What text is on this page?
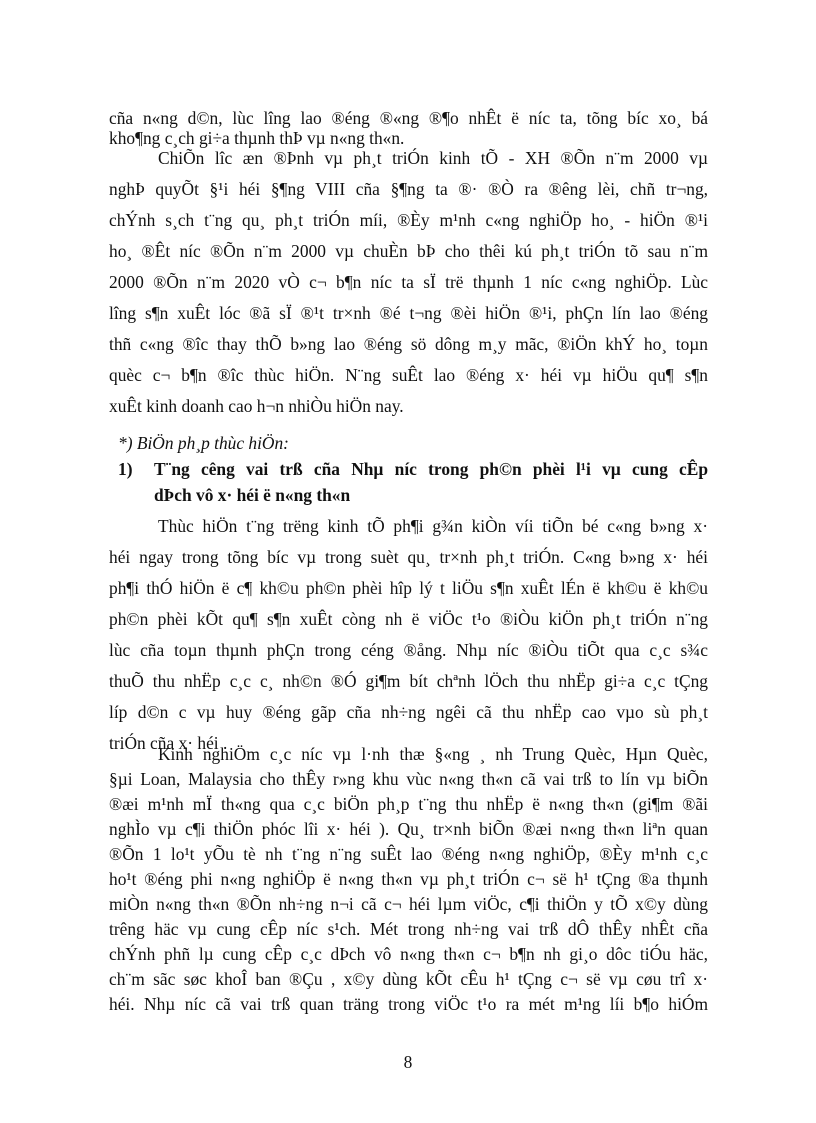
cña n«ng d©n, lùc lîng lao ®éng ®«ng ®¶o nhÊt ë níc ta, tõng bíc xo¸ bá
kho¶ng c¸ch gi÷a thµnh thÞ vµ n«ng th«n.
ChiÕn lîc æn ®Þnh vµ ph¸t triÓn kinh tÕ - XH ®Õn n¨m 2000 vµ
nghÞ quyÕt §¹i héi §¶ng VIII cña §¶ng ta ®· ®Ò ra ®êng lèi, chñ tr¬ng,
chÝnh s¸ch t¨ng qu¸ ph¸t triÓn míi, ®Èy m¹nh c«ng nghiÖp ho¸ - hiÖn ®¹i
ho¸ ®Êt níc ®Õn n¨m 2000 vµ chuÈn bÞ cho thêi kú ph¸t triÓn tõ sau n¨m
2000 ®Õn n¨m 2020 vÒ c¬ b¶n níc ta sÏ trë thµnh 1 níc c«ng nghiÖp. Lùc
lîng s¶n xuÊt lóc ®ã sÏ ®¹t tr×nh ®é t¬ng ®èi hiÖn ®¹i, phÇn lín lao ®éng
thñ c«ng ®îc thay thÕ b»ng lao ®éng sö dông m¸y mãc, ®iÖn khÝ ho¸ toµn
quèc c¬ b¶n ®îc thùc hiÖn. N¨ng suÊt lao ®éng x· héi vµ hiÖu qu¶ s¶n
xuÊt kinh doanh cao h¬n nhiÒu hiÖn nay.
*) BiÖn ph¸p thùc hiÖn:
1)	T¨ng cêng vai trß cña Nhµ níc trong ph©n phèi l¹i vµ cung cÊp
dÞch vô x· héi ë n«ng th«n
Thùc hiÖn t¨ng trëng kinh tÕ ph¶i g¾n kiÒn víi tiÕn bé c«ng b»ng x·
héi ngay trong tõng bíc vµ trong suèt qu¸ tr×nh ph¸t triÓn. C«ng b»ng x· héi
ph¶i thÓ hiÖn ë c¶ kh©u ph©n phèi hîp lý t liÖu s¶n xuÊt lÉn ë kh©u ë kh©u
ph©n phèi kÕt qu¶ s¶n xuÊt còng nh ë viÖc t¹o ®iÒu kiÖn ph¸t triÓn n¨ng
lùc cña toµn thµnh phÇn trong céng ®ång. Nhµ níc ®iÒu tiÕt qua c¸c s¾c
thuÕ thu nhËp c¸c c¸ nh©n ®Ó gi¶m bít chªnh lÖch thu nhËp gi÷a c¸c tÇng
líp d©n c vµ huy ®éng gãp cña nh÷ng ngêi cã thu nhËp cao vµo sù ph¸t
triÓn cña x· héi .
Kinh nghiÖm c¸c níc vµ l·nh thæ §«ng ¸ nh Trung Quèc, Hµn Quèc,
§µi Loan, Malaysia cho thÊy r»ng khu vùc n«ng th«n cã vai trß to lín vµ biÕn
®æi m¹nh mÏ th«ng qua c¸c biÖn ph¸p t¨ng thu nhËp ë n«ng th«n (gi¶m ®ãi
nghÌo vµ c¶i thiÖn phóc lîi x· héi ). Qu¸ tr×nh biÕn ®æi n«ng th«n liªn quan
®Õn 1 lo¹t yÕu tè nh t¨ng n¨ng suÊt lao ®éng n«ng nghiÖp, ®Èy m¹nh c¸c
ho¹t ®éng phi n«ng nghiÖp ë n«ng th«n vµ ph¸t triÓn c¬ së h¹ tÇng ®a thµnh
miÒn n«ng th«n ®Õn nh÷ng n¬i cã c¬ héi lµm viÖc, c¶i thiÖn y tÕ x©y dùng
trêng häc vµ cung cÊp níc s¹ch. Mét trong nh÷ng vai trß dÔ thÊy nhÊt cña
chÝnh phñ lµ cung cÊp c¸c dÞch vô n«ng th«n c¬ b¶n nh gi¸o dôc tiÓu häc,
ch¨m sãc søc khoÎ ban ®Çu , x©y dùng kÕt cÊu h¹ tÇng c¬ së vµ cøu trî x·
héi. Nhµ níc cã vai trß quan träng trong viÖc t¹o ra mét m¹ng líi b¶o hiÓm
8
